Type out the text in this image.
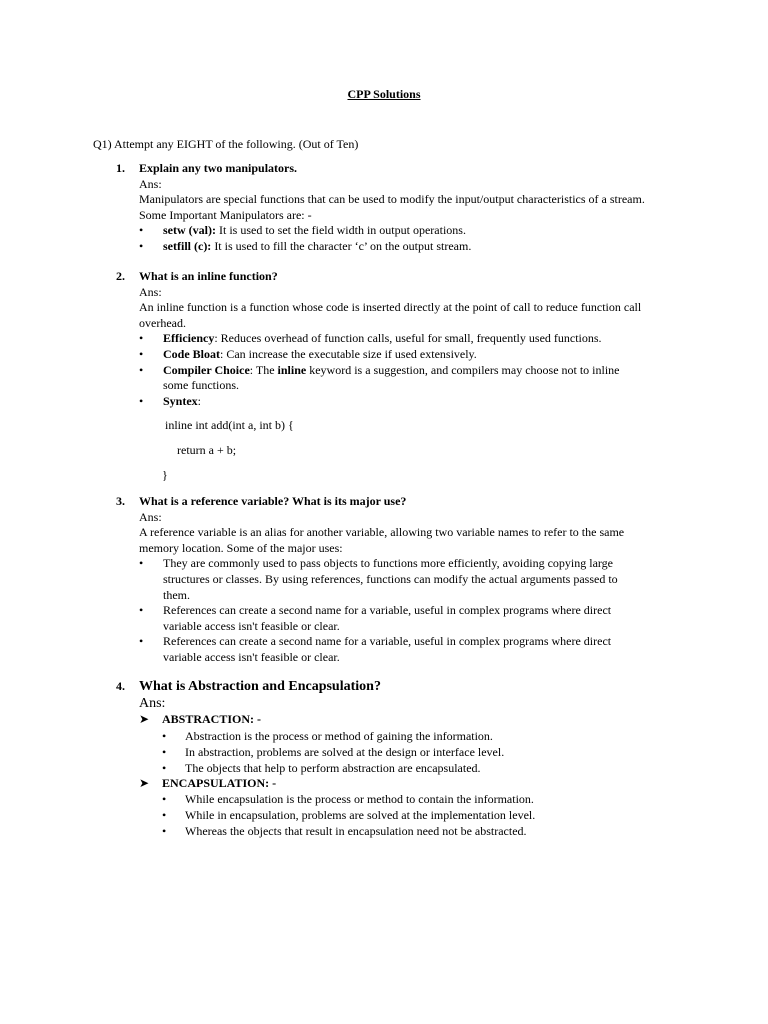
CPP Solutions
Q1) Attempt any EIGHT of the following. (Out of Ten)
1. Explain any two manipulators.
Ans:
Manipulators are special functions that can be used to modify the input/output characteristics of a stream. Some Important Manipulators are: -
• setw (val): It is used to set the field width in output operations.
• setfill (c): It is used to fill the character ‘c’ on the output stream.
2. What is an inline function?
Ans:
An inline function is a function whose code is inserted directly at the point of call to reduce function call overhead.
• Efficiency: Reduces overhead of function calls, useful for small, frequently used functions.
• Code Bloat: Can increase the executable size if used extensively.
• Compiler Choice: The inline keyword is a suggestion, and compilers may choose not to inline some functions.
• Syntex:
inline int add(int a, int b) {
return a + b;
}
3. What is a reference variable? What is its major use?
Ans:
A reference variable is an alias for another variable, allowing two variable names to refer to the same memory location. Some of the major uses:
• They are commonly used to pass objects to functions more efficiently, avoiding copying large structures or classes. By using references, functions can modify the actual arguments passed to them.
• References can create a second name for a variable, useful in complex programs where direct variable access isn't feasible or clear.
• References can create a second name for a variable, useful in complex programs where direct variable access isn't feasible or clear.
4. What is Abstraction and Encapsulation?
Ans:
➤ ABSTRACTION: -
• Abstraction is the process or method of gaining the information.
• In abstraction, problems are solved at the design or interface level.
• The objects that help to perform abstraction are encapsulated.
➤ ENCAPSULATION: -
• While encapsulation is the process or method to contain the information.
• While in encapsulation, problems are solved at the implementation level.
• Whereas the objects that result in encapsulation need not be abstracted.
